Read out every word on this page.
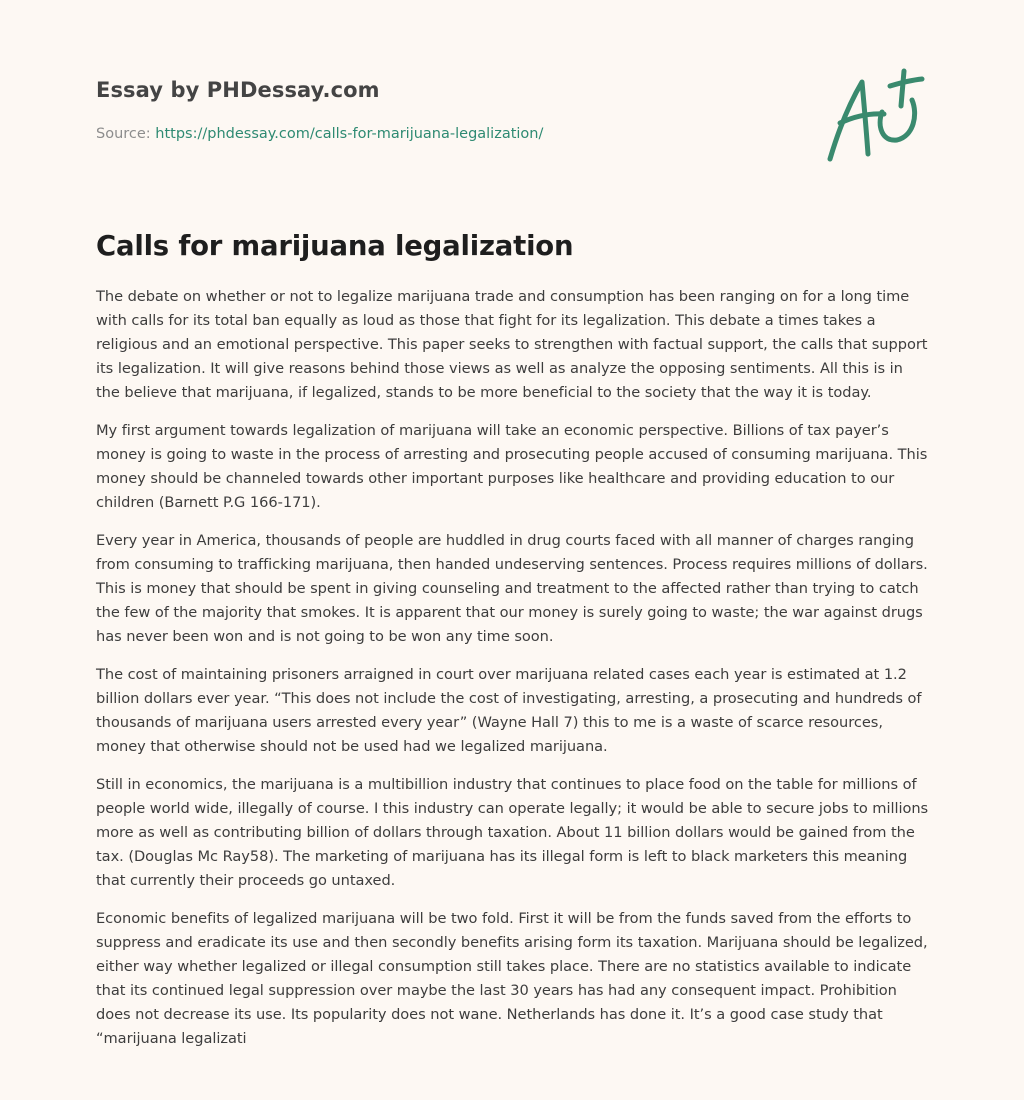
Essay by PHDessay.com
Source: https://phdessay.com/calls-for-marijuana-legalization/
Calls for marijuana legalization

The debate on whether or not to legalize marijuana trade and consumption has been ranging on for a long time with calls for its total ban equally as loud as those that fight for its legalization. This debate a times takes a religious and an emotional perspective. This paper seeks to strengthen with factual support, the calls that support its legalization. It will give reasons behind those views as well as analyze the opposing sentiments. All this is in the believe that marijuana, if legalized, stands to be more beneficial to the society that the way it is today.

My first argument towards legalization of marijuana will take an economic perspective. Billions of tax payer’s money is going to waste in the process of arresting and prosecuting people accused of consuming marijuana. This money should be channeled towards other important purposes like healthcare and providing education to our children (Barnett P.G 166-171).

Every year in America, thousands of people are huddled in drug courts faced with all manner of charges ranging from consuming to trafficking marijuana, then handed undeserving sentences. Process requires millions of dollars. This is money that should be spent in giving counseling and treatment to the affected rather than trying to catch the few of the majority that smokes. It is apparent that our money is surely going to waste; the war against drugs has never been won and is not going to be won any time soon.

The cost of maintaining prisoners arraigned in court over marijuana related cases each year is estimated at 1.2 billion dollars ever year. “This does not include the cost of investigating, arresting, a prosecuting and hundreds of thousands of marijuana users arrested every year” (Wayne Hall 7) this to me is a waste of scarce resources, money that otherwise should not be used had we legalized marijuana.

Still in economics, the marijuana is a multibillion industry that continues to place food on the table for millions of people world wide, illegally of course. I this industry can operate legally; it would be able to secure jobs to millions more as well as contributing billion of dollars through taxation. About 11 billion dollars would be gained from the tax. (Douglas Mc Ray58). The marketing of marijuana has its illegal form is left to black marketers this meaning that currently their proceeds go untaxed.

Economic benefits of legalized marijuana will be two fold. First it will be from the funds saved from the efforts to suppress and eradicate its use and then secondly benefits arising form its taxation. Marijuana should be legalized, either way whether legalized or illegal consumption still takes place. There are no statistics available to indicate that its continued legal suppression over maybe the last 30 years has had any consequent impact. Prohibition does not decrease its use. Its popularity does not wane. Netherlands has done it. It’s a good case study that “marijuana legalizati
